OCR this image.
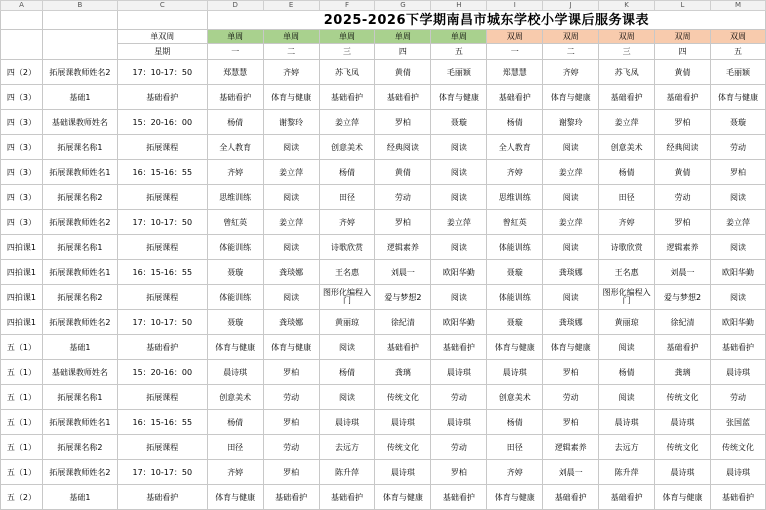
A	B	C	D	E	F	G	H	I	J	K	L	M
			2025-2026下学期南昌市城东学校小学课后服务课表									
		单双周	单周	单周	单周	单周	单周	双周	双周	双周	双周	双周
		星期	一	二	三	四	五	一	二	三	四	五
四（2）	拓展课教师姓名2	17：10-17：50	郑慧慧	齐婷	苏飞凤	黄倩	毛丽颖	郑慧慧	齐婷	苏飞凤	黄倩	毛丽颖
四（3）	基础1	基础看护	基础看护	体育与健康	基础看护	基础看护	体育与健康	基础看护	体育与健康	基础看护	基础看护	体育与健康
四（3）	基础课教师姓名	15：20-16：00	杨倩	谢黎玲	姜立萍	罗柏	聂璇	杨倩	谢黎玲	姜立萍	罗柏	聂璇
四（3）	拓展课名称1	拓展课程	全人教育	阅读	创意美术	经典阅读	阅读	全人教育	阅读	创意美术	经典阅读	劳动
四（3）	拓展课教师姓名1	16：15-16：55	齐婷	姜立萍	杨倩	黄倩	阅读	齐婷	姜立萍	杨倩	黄倩	罗柏
四（3）	拓展课名称2	拓展课程	思维训练	阅读	田径	劳动	阅读	思维训练	阅读	田径	劳动	阅读
四（3）	拓展课教师姓名2	17：10-17：50	曾紅英	姜立萍	齐婷	罗柏	姜立萍	曾紅英	姜立萍	齐婷	罗柏	姜立萍
四拍课1	拓展课名称1	拓展课程	体能训练	阅读	诗歌欣赏	逻辑素养	阅读	体能训练	阅读	诗歌欣赏	逻辑素养	阅读
四拍课1	拓展课教师姓名1	16：15-16：55	聂璇	龚琰娜	王名惠	刘晨一	欧阳华勤	聂璇	龚琰娜	王名惠	刘晨一	欧阳华勤
四拍课1	拓展课名称2	拓展课程	体能训练	阅读	图形化编程入门	爱与梦想2	阅读	体能训练	阅读	图形化编程入门	爱与梦想2	阅读
四拍课1	拓展课教师姓名2	17：10-17：50	聂璇	龚琰娜	黄丽琼	徐紀清	欧阳华勤	聂璇	龚琰娜	黄丽琼	徐紀清	欧阳华勤
五（1）	基础1	基础看护	体育与健康	体育与健康	阅读	基础看护	基础看护	体育与健康	体育与健康	阅读	基础看护	基础看护
五（1）	基础课教师姓名	15：20-16：00	晨诗琪	罗柏	杨倩	龚璃	晨诗琪	晨诗琪	罗柏	杨倩	龚璃	晨诗琪
五（1）	拓展课名称1	拓展课程	创意美术	劳动	阅读	传统文化	劳动	创意美术	劳动	阅读	传统文化	劳动
五（1）	拓展课教师姓名1	16：15-16：55	杨倩	罗柏	晨诗琪	晨诗琪	晨诗琪	杨倩	罗柏	晨诗琪	晨诗琪	张国蓝
五（1）	拓展课名称2	拓展课程	田径	劳动	去远方	传统文化	劳动	田径	逻辑素养	去远方	传统文化	传统文化
五（1）	拓展课教师姓名2	17：10-17：50	齐婷	罗柏	陈升萍	晨诗琪	罗柏	齐婷	刘晨一	陈升萍	晨诗琪	晨诗琪
五（2）	基础1	基础看护	体育与健康	基础看护	基础看护	体育与健康	基础看护	体育与健康	基础看护	基础看护	体育与健康	基础看护
